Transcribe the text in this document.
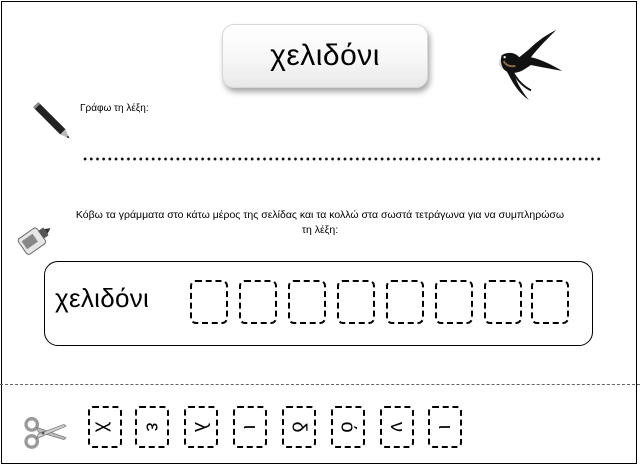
χελιδόνι
Γράφω τη λέξη:
Κόβω τα γράμματα στο κάτω μέρος της σελίδας και τα κολλώ στα σωστά τετράγωνα για να συμπληρώσω τη λέξη:
χελιδόνι
χ ε λ ι δ ό ν ι
